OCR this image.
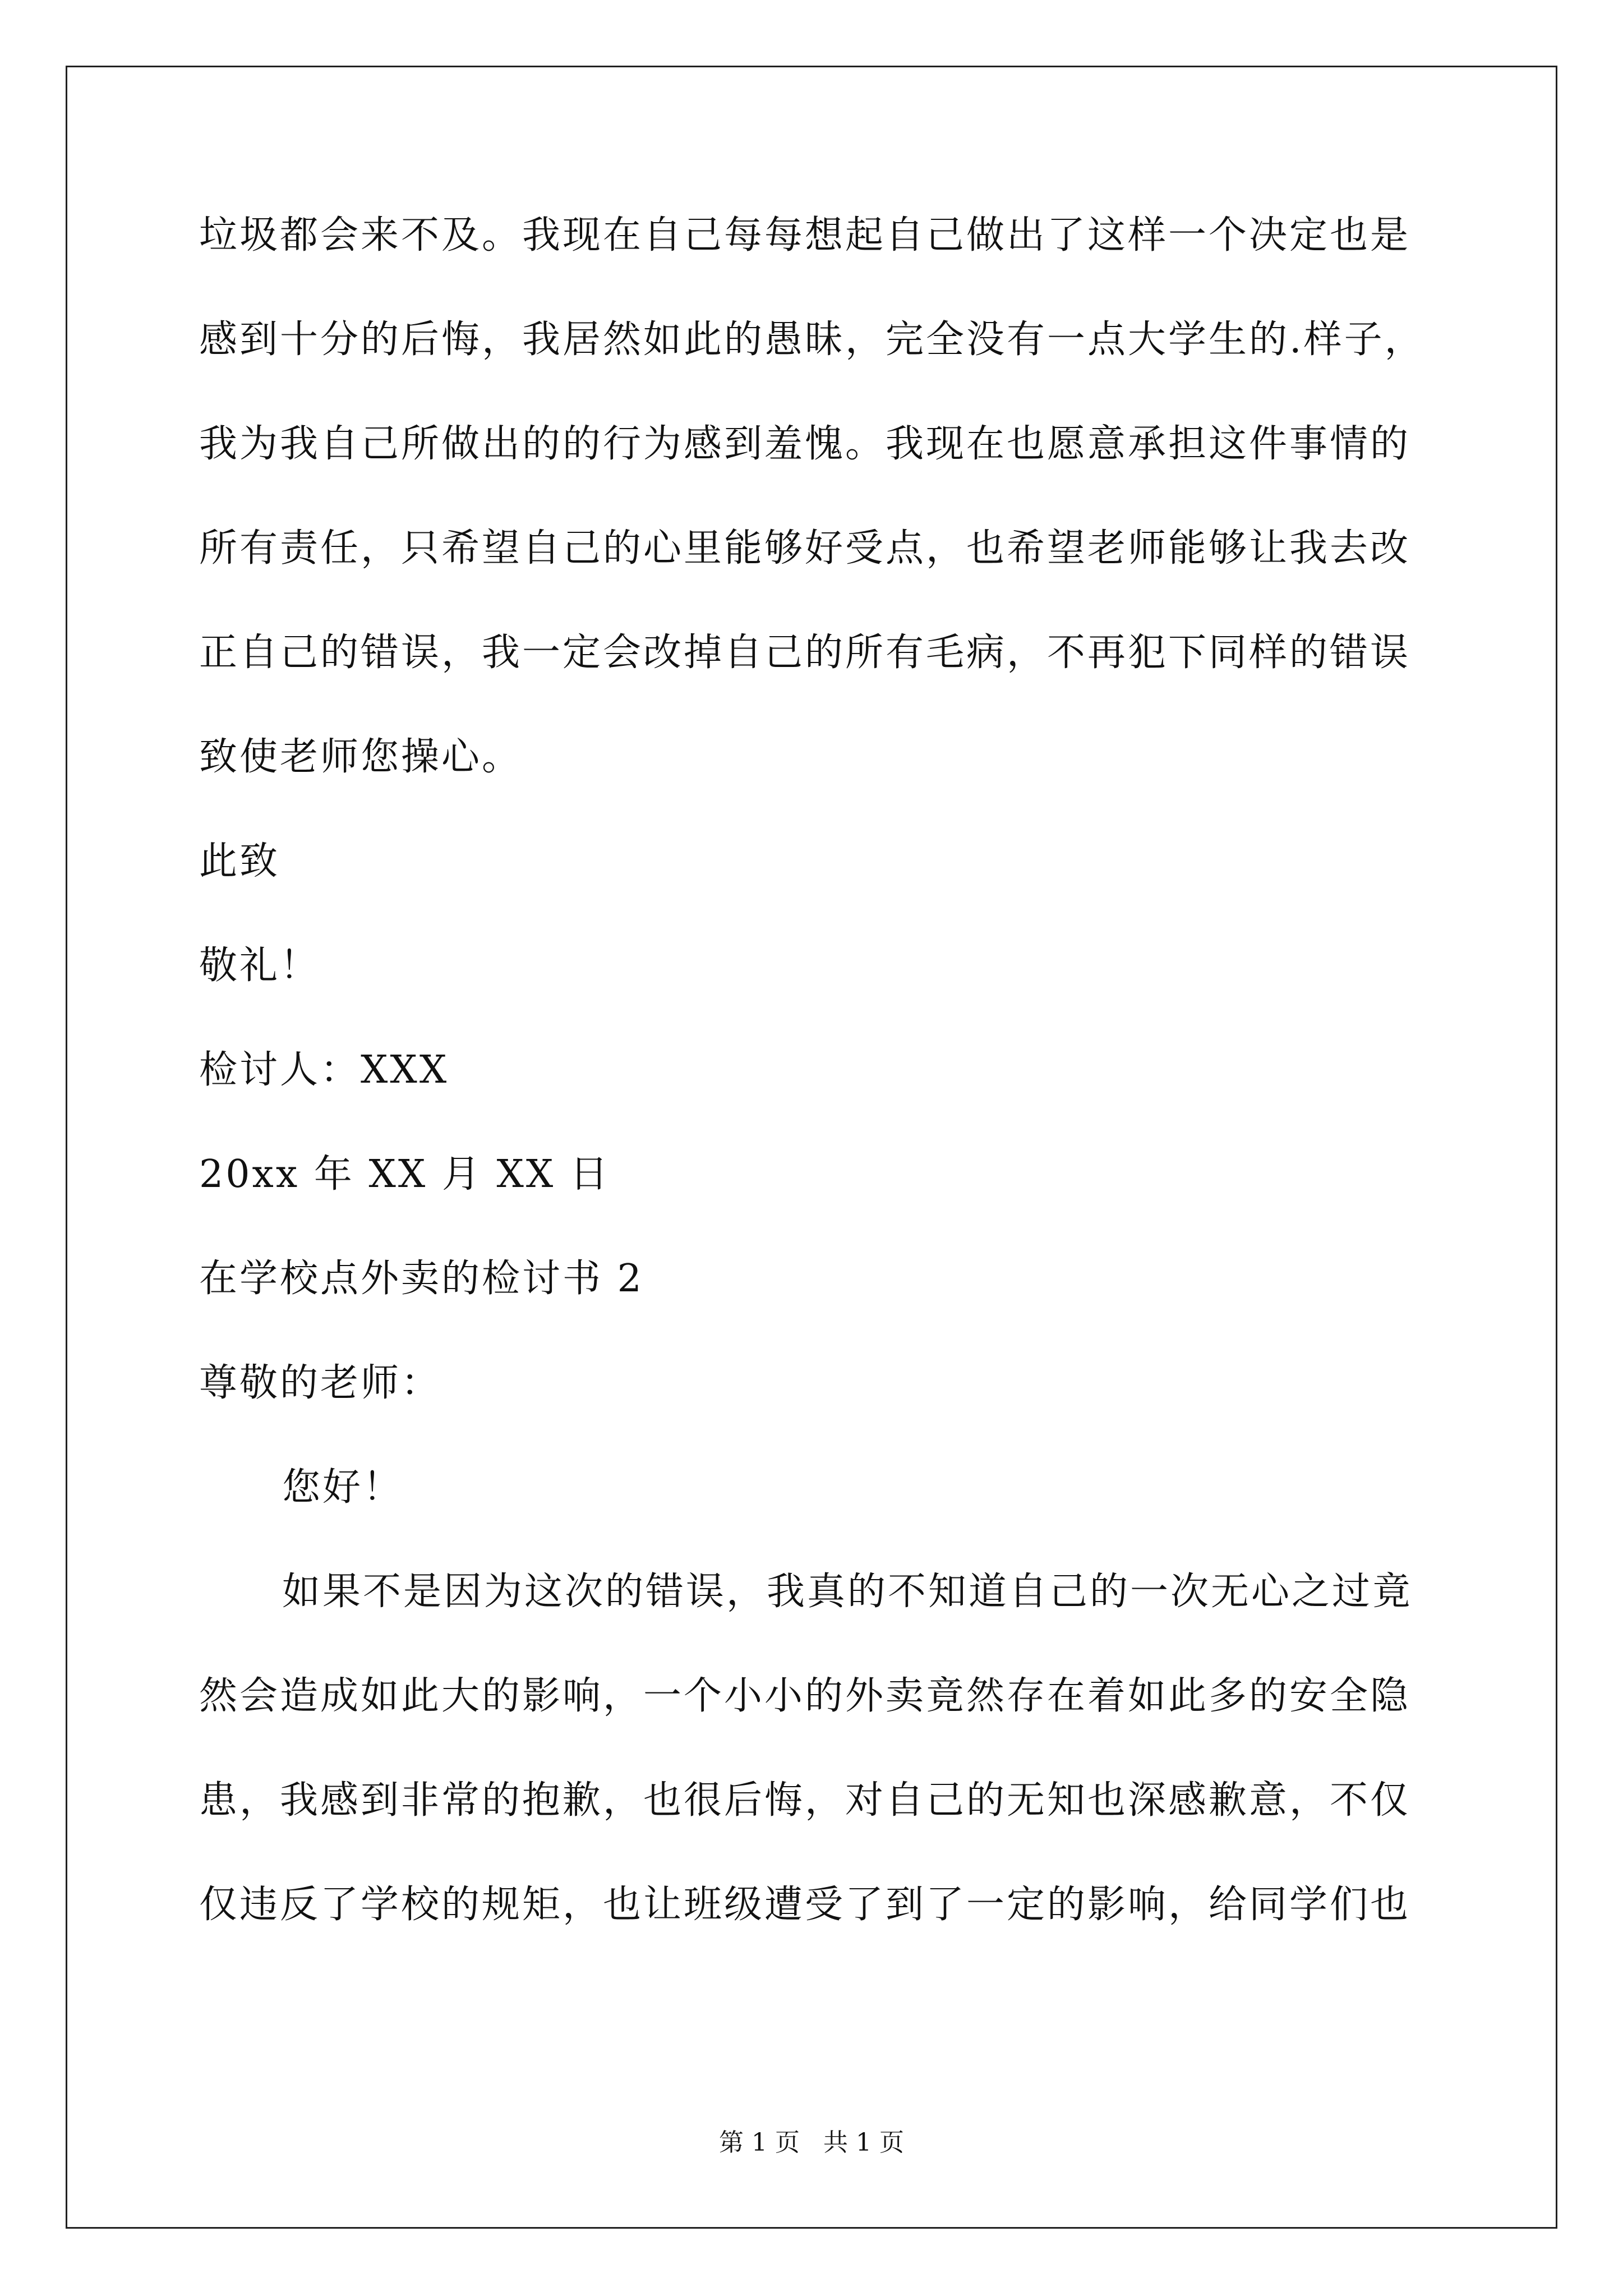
垃圾都会来不及。我现在自己每每想起自己做出了这样一个决定也是
感到十分的后悔，我居然如此的愚昧，完全没有一点大学生的.样子，
我为我自己所做出的的行为感到羞愧。我现在也愿意承担这件事情的
所有责任，只希望自己的心里能够好受点，也希望老师能够让我去改
正自己的错误，我一定会改掉自己的所有毛病，不再犯下同样的错误
致使老师您操心。
此致
敬礼！
检讨人：XXX
20xx 年 XX 月 XX 日
在学校点外卖的检讨书 2
尊敬的老师：
您好！
如果不是因为这次的错误，我真的不知道自己的一次无心之过竟
然会造成如此大的影响，一个小小的外卖竟然存在着如此多的安全隐
患，我感到非常的抱歉，也很后悔，对自己的无知也深感歉意，不仅
仅违反了学校的规矩，也让班级遭受了到了一定的影响，给同学们也
第 1 页   共 1 页
